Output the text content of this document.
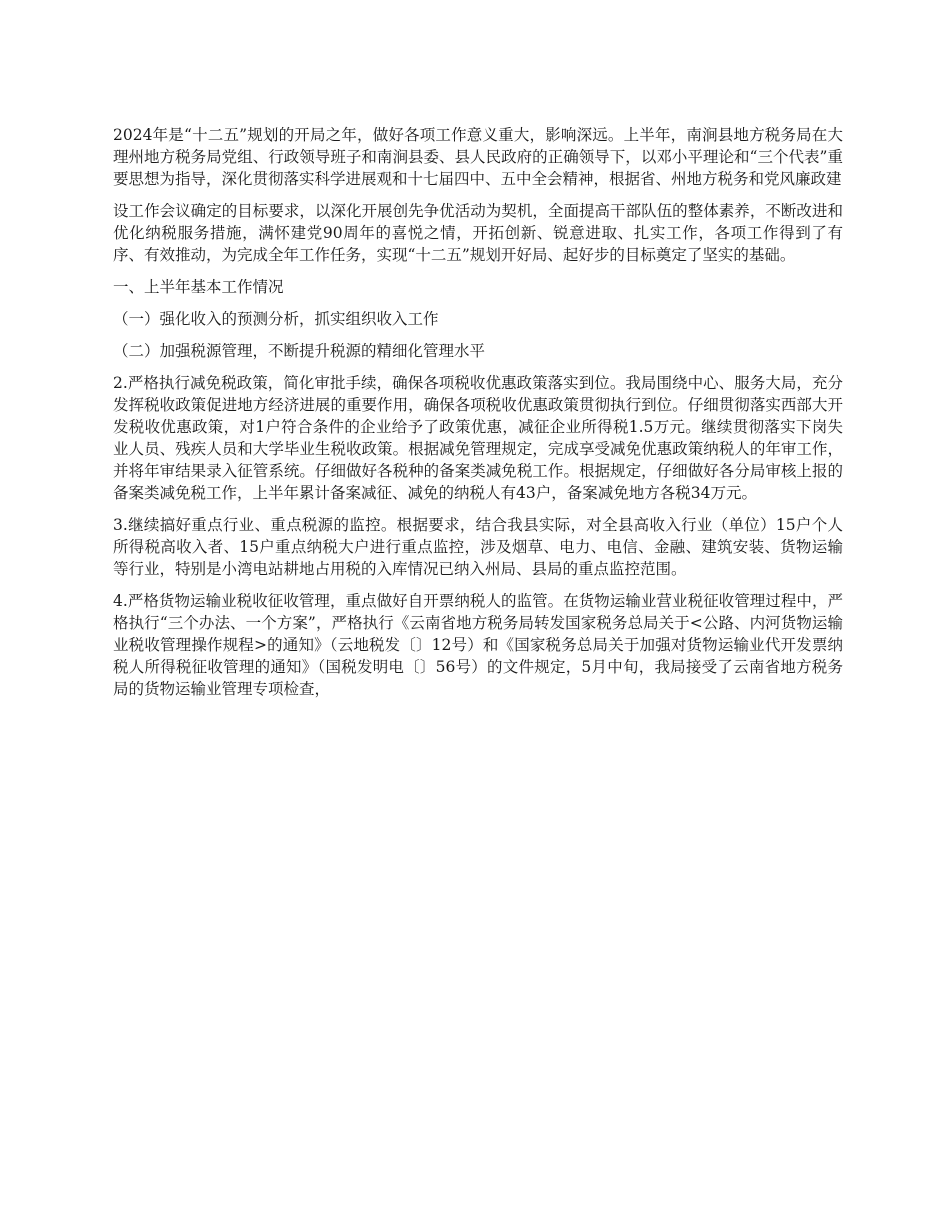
2024年是“十二五”规划的开局之年，做好各项工作意义重大，影响深远。上半年，南涧县地方税务局在大理州地方税务局党组、行政领导班子和南涧县委、县人民政府的正确领导下，以邓小平理论和“三个代表”重要思想为指导，深化贯彻落实科学进展观和十七届四中、五中全会精神，根据省、州地方税务和党风廉政建

设工作会议确定的目标要求，以深化开展创先争优活动为契机，全面提高干部队伍的整体素养，不断改进和优化纳税服务措施，满怀建党90周年的喜悦之情，开拓创新、锐意进取、扎实工作，各项工作得到了有序、有效推动，为完成全年工作任务，实现“十二五”规划开好局、起好步的目标奠定了坚实的基础。

一、上半年基本工作情况

（一）强化收入的预测分析，抓实组织收入工作

（二）加强税源管理，不断提升税源的精细化管理水平

2.严格执行减免税政策，简化审批手续，确保各项税收优惠政策落实到位。我局围绕中心、服务大局，充分发挥税收政策促进地方经济进展的重要作用，确保各项税收优惠政策贯彻执行到位。仔细贯彻落实西部大开发税收优惠政策，对1户符合条件的企业给予了政策优惠，减征企业所得税1.5万元。继续贯彻落实下岗失业人员、残疾人员和大学毕业生税收政策。根据减免管理规定，完成享受减免优惠政策纳税人的年审工作，并将年审结果录入征管系统。仔细做好各税种的备案类减免税工作。根据规定，仔细做好各分局审核上报的备案类减免税工作，上半年累计备案减征、减免的纳税人有43户，备案减免地方各税34万元。

3.继续搞好重点行业、重点税源的监控。根据要求，结合我县实际，对全县高收入行业（单位）15户个人所得税高收入者、15户重点纳税大户进行重点监控，涉及烟草、电力、电信、金融、建筑安装、货物运输等行业，特别是小湾电站耕地占用税的入库情况已纳入州局、县局的重点监控范围。

4.严格货物运输业税收征收管理，重点做好自开票纳税人的监管。在货物运输业营业税征收管理过程中，严格执行“三个办法、一个方案”，严格执行《云南省地方税务局转发国家税务总局关于<公路、内河货物运输业税收管理操作规程>的通知》（云地税发〔〕12号）和《国家税务总局关于加强对货物运输业代开发票纳税人所得税征收管理的通知》（国税发明电〔〕56号）的文件规定，5月中旬，我局接受了云南省地方税务局的货物运输业管理专项检查，
